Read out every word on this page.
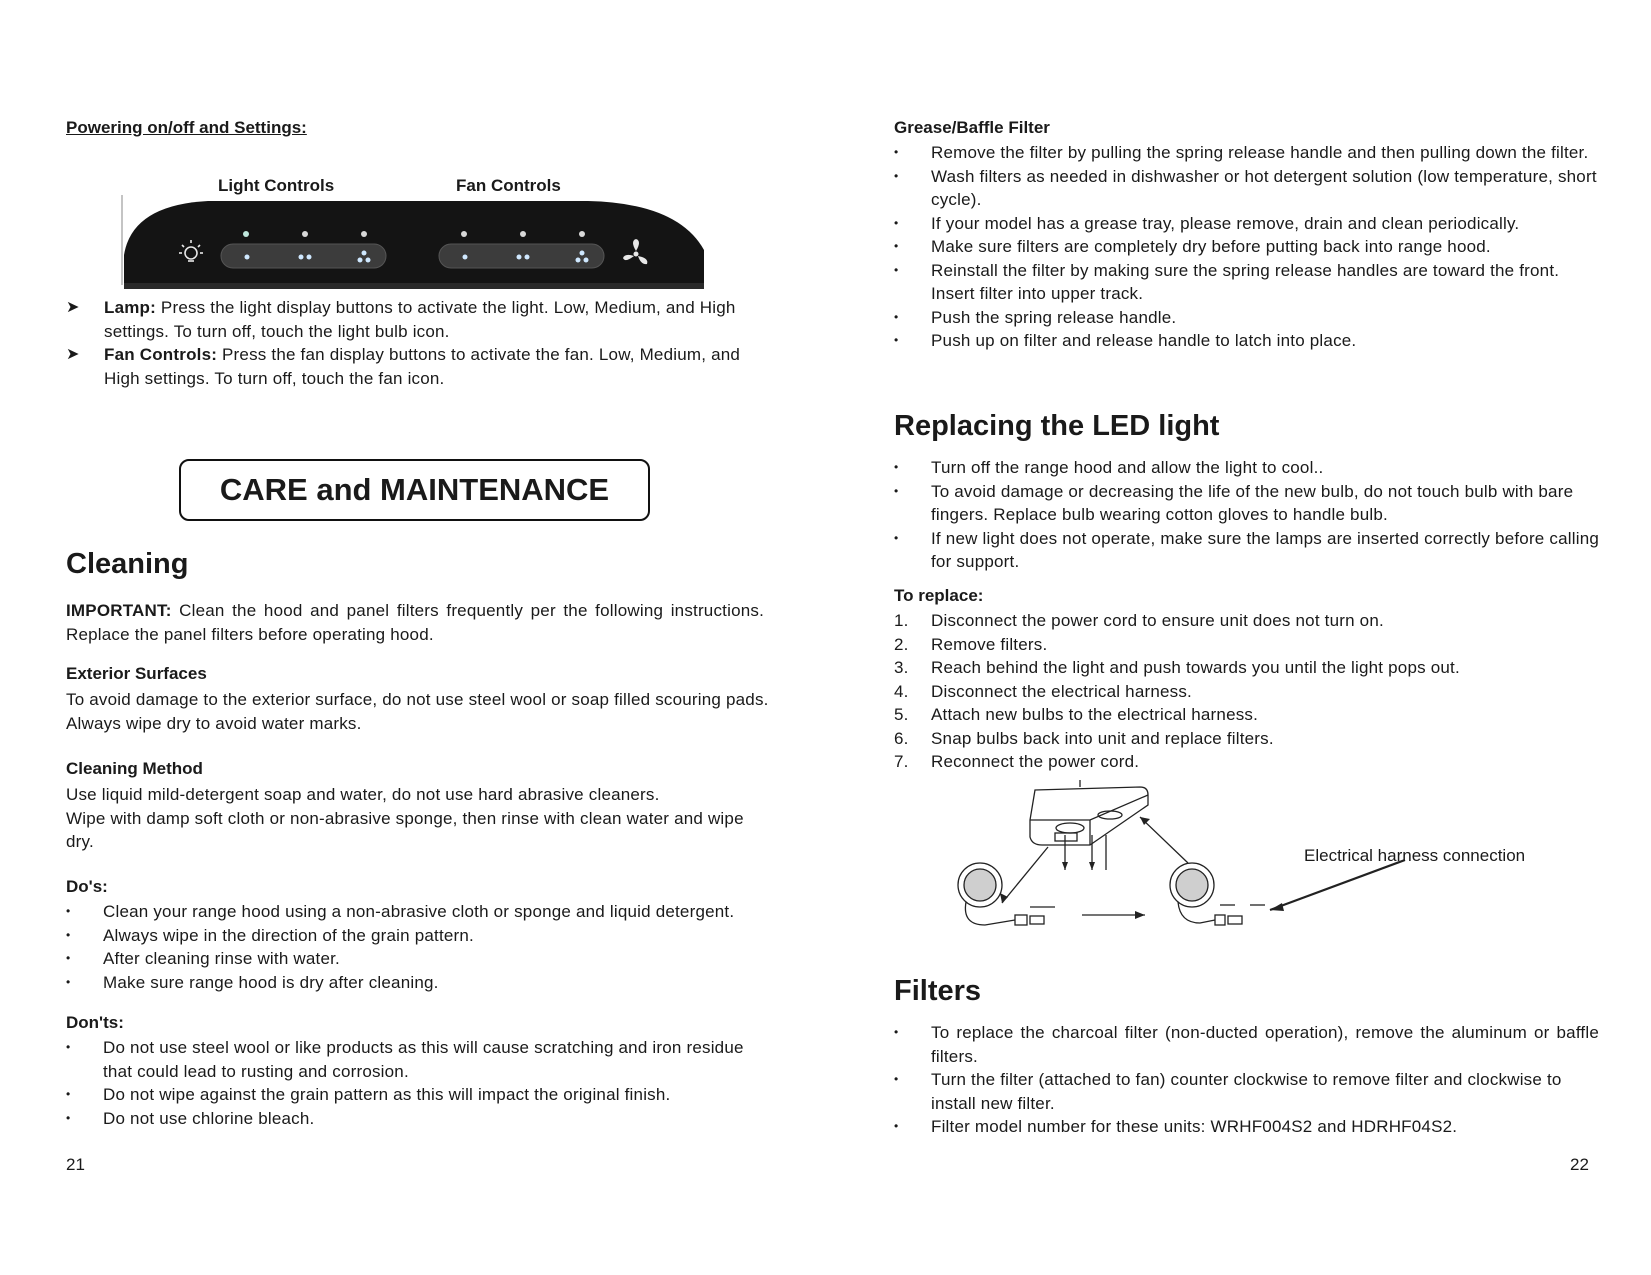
Powering on/off and Settings:
Light Controls	Fan Controls
➤	Lamp: Press the light display buttons to activate the light. Low, Medium, and High settings. To turn off, touch the light bulb icon.
➤	Fan Controls: Press the fan display buttons to activate the fan. Low, Medium, and High settings. To turn off, touch the fan icon.
CARE and MAINTENANCE
Cleaning
IMPORTANT: Clean the hood and panel filters frequently per the following instructions. Replace the panel filters before operating hood.
Exterior Surfaces
To avoid damage to the exterior surface, do not use steel wool or soap filled scouring pads. Always wipe dry to avoid water marks.
Cleaning Method
Use liquid mild-detergent soap and water, do not use hard abrasive cleaners.
Wipe with damp soft cloth or non-abrasive sponge, then rinse with clean water and wipe dry.
Do's:
•	Clean your range hood using a non-abrasive cloth or sponge and liquid detergent.
•	Always wipe in the direction of the grain pattern.
•	After cleaning rinse with water.
•	Make sure range hood is dry after cleaning.
Don'ts:
•	Do not use steel wool or like products as this will cause scratching and iron residue that could lead to rusting and corrosion.
•	Do not wipe against the grain pattern as this will impact the original finish.
•	Do not use chlorine bleach.
21
Grease/Baffle Filter
•	Remove the filter by pulling the spring release handle and then pulling down the filter.
•	Wash filters as needed in dishwasher or hot detergent solution (low temperature, short cycle).
•	If your model has a grease tray, please remove, drain and clean periodically.
•	Make sure filters are completely dry before putting back into range hood.
•	Reinstall the filter by making sure the spring release handles are toward the front. Insert filter into upper track.
•	Push the spring release handle.
•	Push up on filter and release handle to latch into place.
Replacing the LED light
•	Turn off the range hood and allow the light to cool..
•	To avoid damage or decreasing the life of the new bulb, do not touch bulb with bare fingers. Replace bulb wearing cotton gloves to handle bulb.
•	If new light does not operate, make sure the lamps are inserted correctly before calling for support.
To replace:
1.	Disconnect the power cord to ensure unit does not turn on.
2.	Remove filters.
3.	Reach behind the light and push towards you until the light pops out.
4.	Disconnect the electrical harness.
5.	Attach new bulbs to the electrical harness.
6.	Snap bulbs back into unit and replace filters.
7.	Reconnect the power cord.
Electrical harness connection
Filters
•	To replace the charcoal filter (non-ducted operation), remove the aluminum or baffle filters.
•	Turn the filter (attached to fan) counter clockwise to remove filter and clockwise to install new filter.
•	Filter model number for these units: WRHF004S2 and HDRHF04S2.
22
